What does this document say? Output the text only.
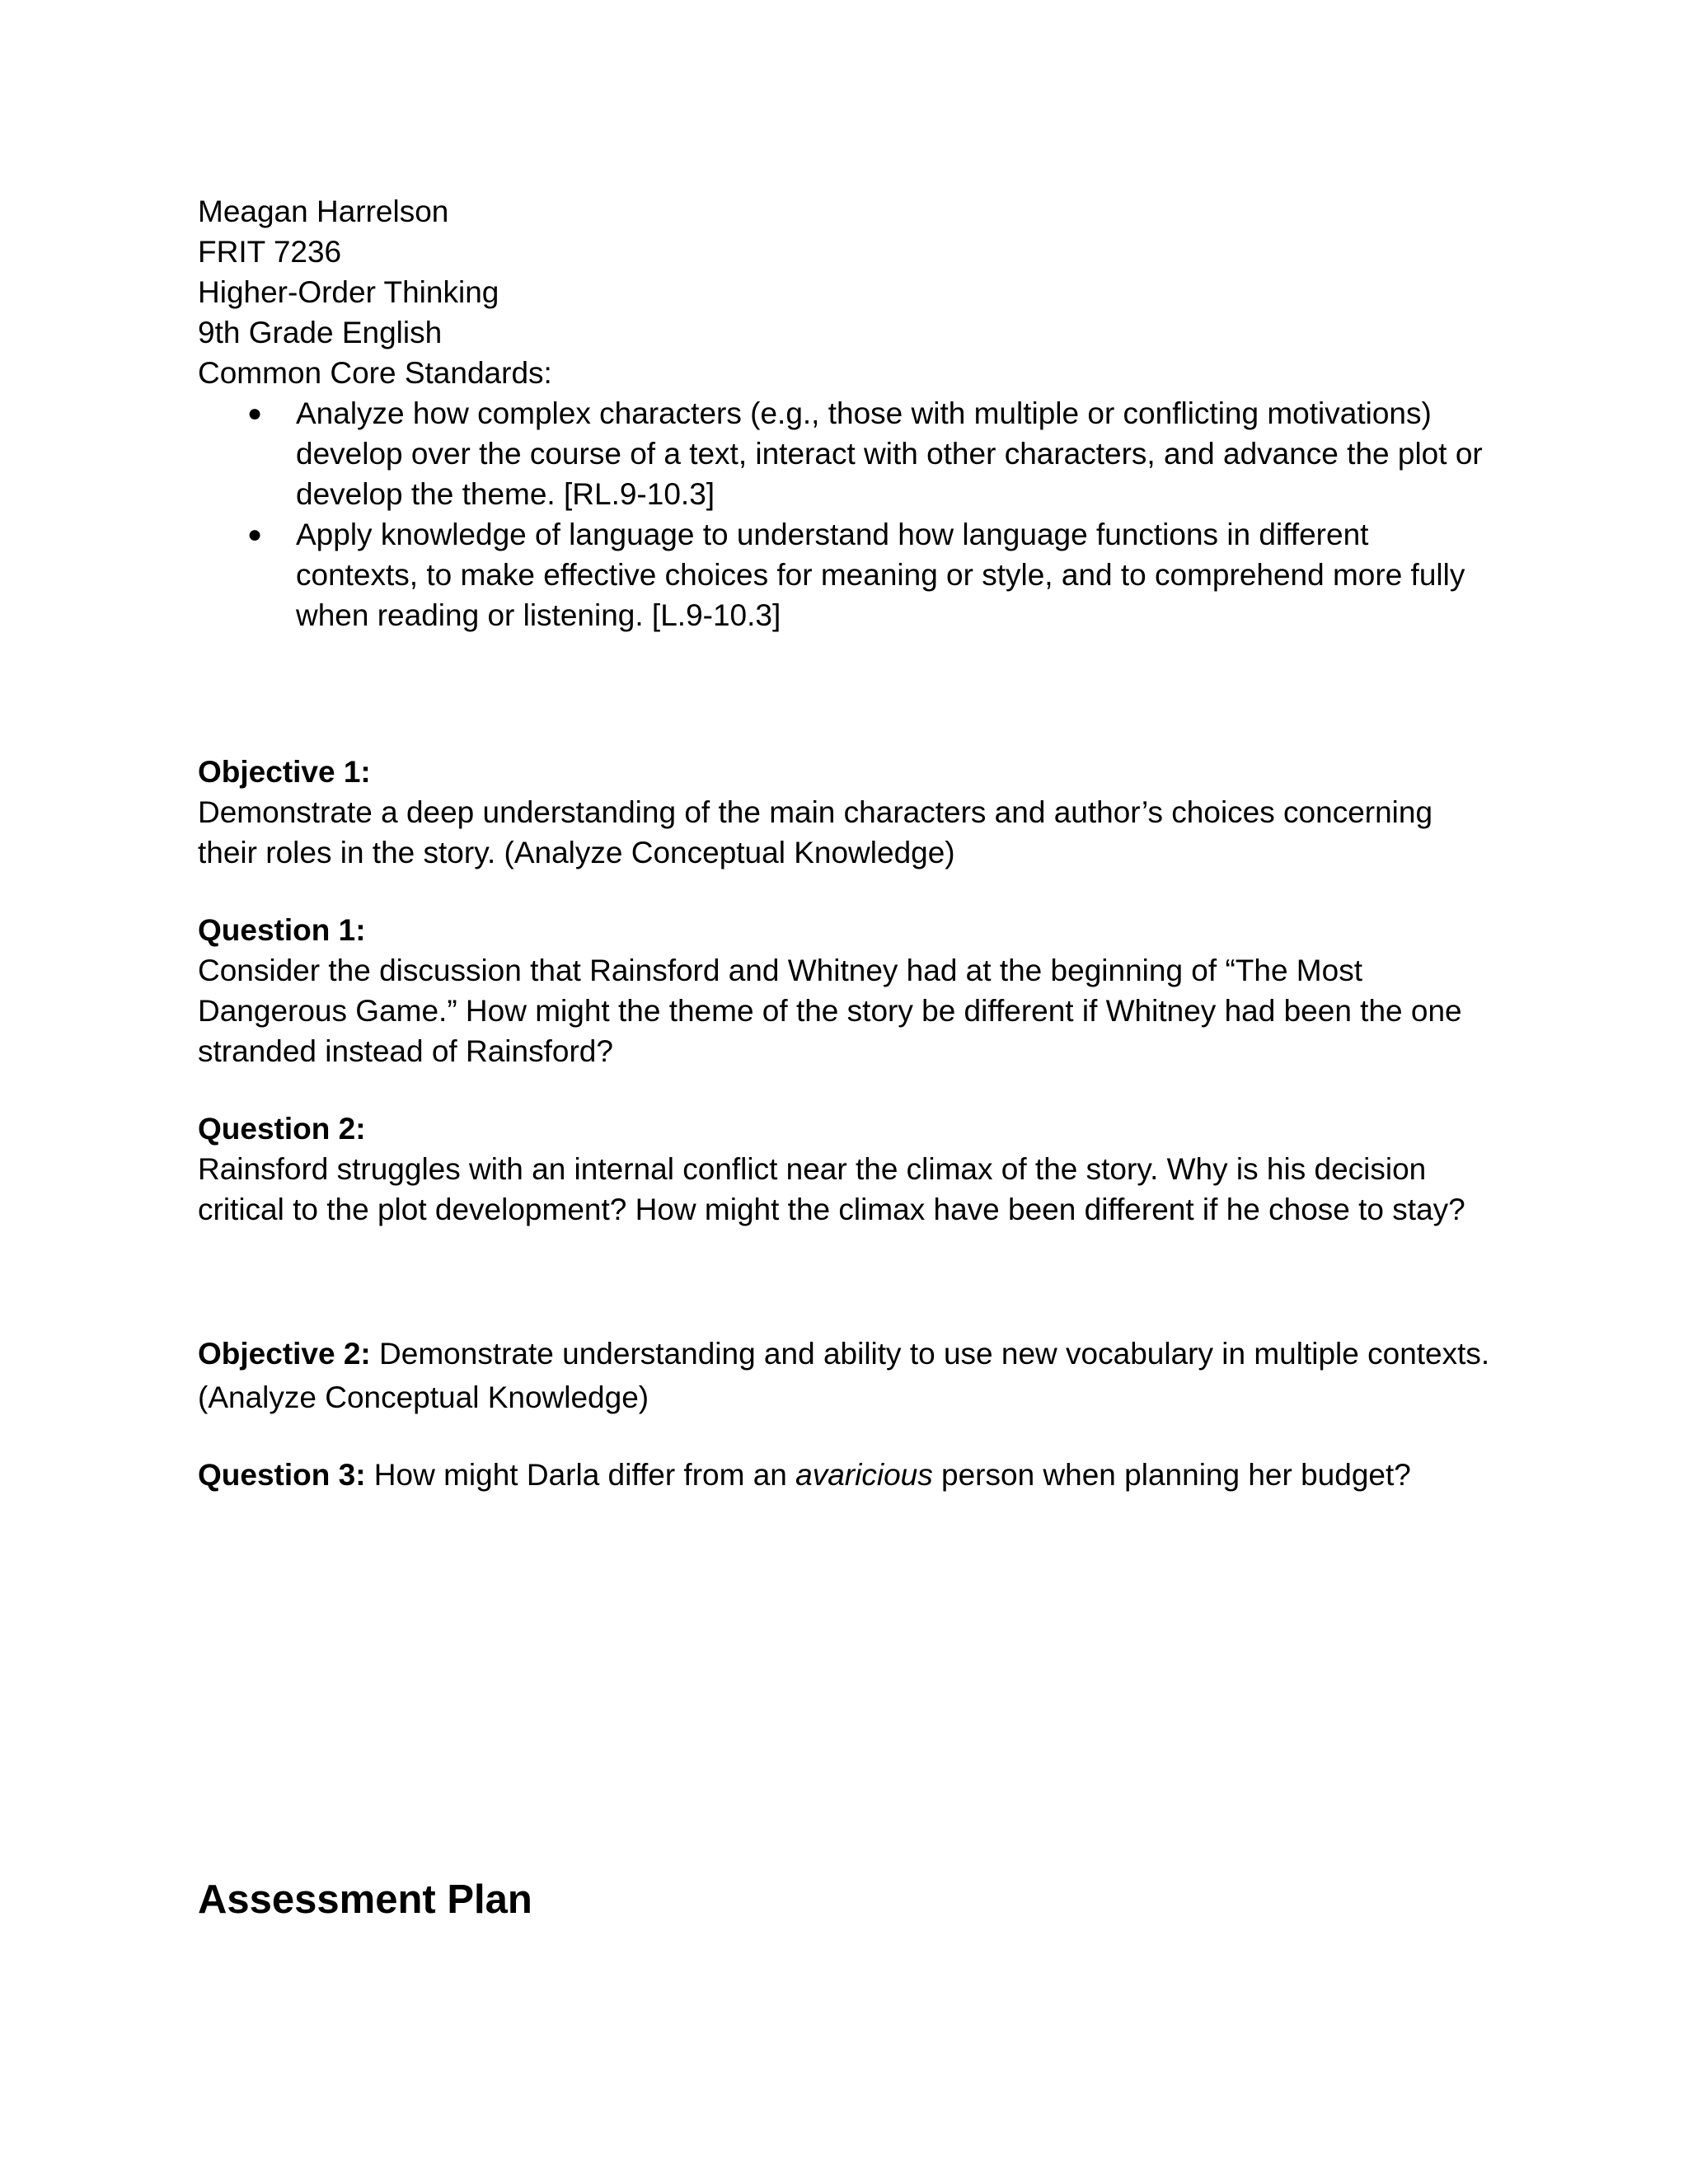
Meagan Harrelson
FRIT 7236
Higher-Order Thinking
9th Grade English
Common Core Standards:
● Analyze how complex characters (e.g., those with multiple or conflicting motivations)
develop over the course of a text, interact with other characters, and advance the plot or
develop the theme. [RL.9-10.3]
● Apply knowledge of language to understand how language functions in different
contexts, to make effective choices for meaning or style, and to comprehend more fully
when reading or listening. [L.9-10.3]
Objective 1:
Demonstrate a deep understanding of the main characters and author’s choices concerning
their roles in the story. (Analyze Conceptual Knowledge)
Question 1:
Consider the discussion that Rainsford and Whitney had at the beginning of “The Most
Dangerous Game.” How might the theme of the story be different if Whitney had been the one
stranded instead of Rainsford?
Question 2:
Rainsford struggles with an internal conflict near the climax of the story. Why is his decision
critical to the plot development? How might the climax have been different if he chose to stay?
Objective 2: Demonstrate understanding and ability to use new vocabulary in multiple contexts.
(Analyze Conceptual Knowledge)
Question 3: How might Darla differ from an avaricious person when planning her budget?
Assessment Plan
